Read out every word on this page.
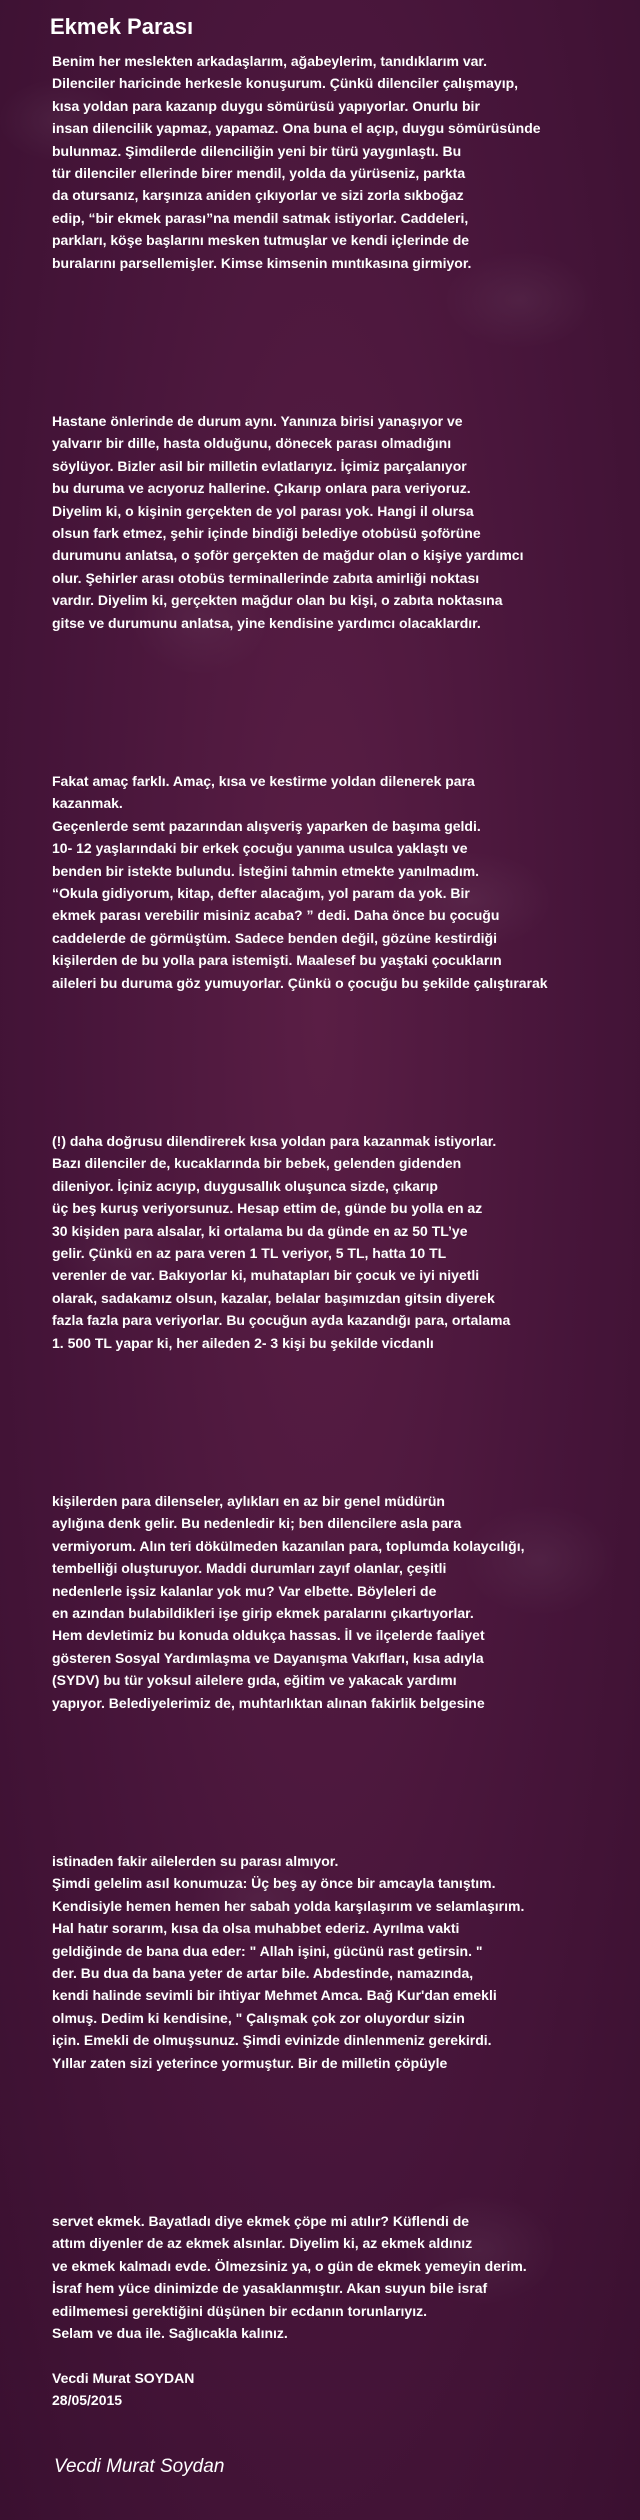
Ekmek Parası
Benim her meslekten arkadaşlarım, ağabeylerim, tanıdıklarım var.
Dilenciler haricinde herkesle konuşurum. Çünkü dilenciler çalışmayıp,
kısa yoldan para kazanıp duygu sömürüsü yapıyorlar. Onurlu bir
insan dilencilik yapmaz, yapamaz. Ona buna el açıp, duygu sömürüsünde
bulunmaz. Şimdilerde dilenciliğin yeni bir türü yaygınlaştı. Bu
tür dilenciler ellerinde birer mendil, yolda da yürüseniz, parkta
da otursanız, karşınıza aniden çıkıyorlar ve sizi zorla sıkboğaz
edip, “bir ekmek parası”na mendil satmak istiyorlar. Caddeleri,
parkları, köşe başlarını mesken tutmuşlar ve kendi içlerinde de
buralarını parsellemişler. Kimse kimsenin mıntıkasına girmiyor.
Hastane önlerinde de durum aynı. Yanınıza birisi yanaşıyor ve
yalvarır bir dille, hasta olduğunu, dönecek parası olmadığını
söylüyor. Bizler asil bir milletin evlatlarıyız. İçimiz parçalanıyor
bu duruma ve acıyoruz hallerine. Çıkarıp onlara para veriyoruz.
Diyelim ki, o kişinin gerçekten de yol parası yok. Hangi il olursa
olsun fark etmez, şehir içinde bindiği belediye otobüsü şoförüne
durumunu anlatsa, o şoför gerçekten de mağdur olan o kişiye yardımcı
olur. Şehirler arası otobüs terminallerinde zabıta amirliği noktası
vardır. Diyelim ki, gerçekten mağdur olan bu kişi, o zabıta noktasına
gitse ve durumunu anlatsa, yine kendisine yardımcı olacaklardır.
Fakat amaç farklı. Amaç, kısa ve kestirme yoldan dilenerek para
kazanmak.
Geçenlerde semt pazarından alışveriş yaparken de başıma geldi.
10- 12 yaşlarındaki bir erkek çocuğu yanıma usulca yaklaştı ve
benden bir istekte bulundu. İsteğini tahmin etmekte yanılmadım.
“Okula gidiyorum, kitap, defter alacağım, yol param da yok. Bir
ekmek parası verebilir misiniz acaba? ” dedi. Daha önce bu çocuğu
caddelerde de görmüştüm. Sadece benden değil, gözüne kestirdiği
kişilerden de bu yolla para istemişti. Maalesef bu yaştaki çocukların
aileleri bu duruma göz yumuyorlar. Çünkü o çocuğu bu şekilde çalıştırarak
(!) daha doğrusu dilendirerek kısa yoldan para kazanmak istiyorlar.
Bazı dilenciler de, kucaklarında bir bebek, gelenden gidenden
dileniyor. İçiniz acıyıp, duygusallık oluşunca sizde, çıkarıp
üç beş kuruş veriyorsunuz. Hesap ettim de, günde bu yolla en az
30 kişiden para alsalar, ki ortalama bu da günde en az 50 TL’ye
gelir. Çünkü en az para veren 1 TL veriyor, 5 TL, hatta 10 TL
verenler de var. Bakıyorlar ki, muhatapları bir çocuk ve iyi niyetli
olarak, sadakamız olsun, kazalar, belalar başımızdan gitsin diyerek
fazla fazla para veriyorlar. Bu çocuğun ayda kazandığı para, ortalama
1. 500 TL yapar ki, her aileden 2- 3 kişi bu şekilde vicdanlı
kişilerden para dilenseler, aylıkları en az bir genel müdürün
aylığına denk gelir. Bu nedenledir ki; ben dilencilere asla para
vermiyorum. Alın teri dökülmeden kazanılan para, toplumda kolaycılığı,
tembelliği oluşturuyor. Maddi durumları zayıf olanlar, çeşitli
nedenlerle işsiz kalanlar yok mu? Var elbette. Böyleleri de
en azından bulabildikleri işe girip ekmek paralarını çıkartıyorlar.
Hem devletimiz bu konuda oldukça hassas. İl ve ilçelerde faaliyet
gösteren Sosyal Yardımlaşma ve Dayanışma Vakıfları, kısa adıyla
(SYDV) bu tür yoksul ailelere gıda, eğitim ve yakacak yardımı
yapıyor. Belediyelerimiz de, muhtarlıktan alınan fakirlik belgesine
istinaden fakir ailelerden su parası almıyor.
Şimdi gelelim asıl konumuza: Üç beş ay önce bir amcayla tanıştım.
Kendisiyle hemen hemen her sabah yolda karşılaşırım ve selamlaşırım.
Hal hatır sorarım, kısa da olsa muhabbet ederiz. Ayrılma vakti
geldiğinde de bana dua eder: " Allah işini, gücünü rast getirsin. "
der. Bu dua da bana yeter de artar bile. Abdestinde, namazında,
kendi halinde sevimli bir ihtiyar Mehmet Amca. Bağ Kur'dan emekli
olmuş. Dedim ki kendisine, " Çalışmak çok zor oluyordur sizin
için. Emekli de olmuşsunuz. Şimdi evinizde dinlenmeniz gerekirdi.
Yıllar zaten sizi yeterince yormuştur. Bir de milletin çöpüyle
servet ekmek. Bayatladı diye ekmek çöpe mi atılır? Küflendi de
attım diyenler de az ekmek alsınlar. Diyelim ki, az ekmek aldınız
ve ekmek kalmadı evde. Ölmezsiniz ya, o gün de ekmek yemeyin derim.
İsraf hem yüce dinimizde de yasaklanmıştır. Akan suyun bile israf
edilmemesi gerektiğini düşünen bir ecdanın torunlarıyız.
Selam ve dua ile. Sağlıcakla kalınız.

Vecdi Murat SOYDAN
28/05/2015
Vecdi Murat Soydan
